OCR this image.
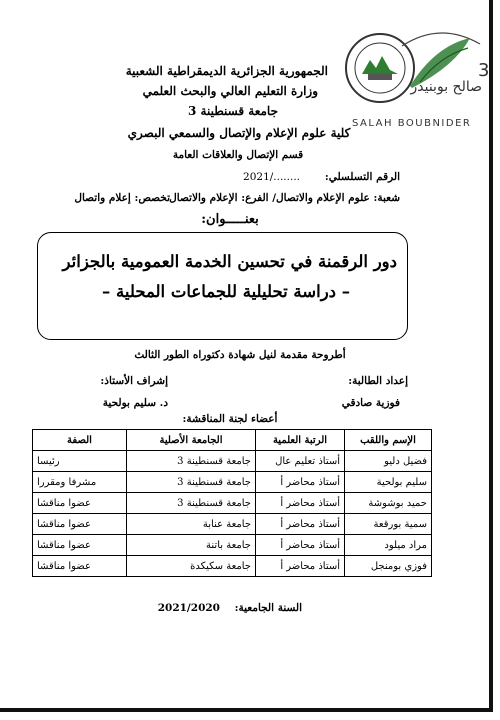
3
صالح بوبنيدر
SALAH BOUBNIDER
الجمهورية الجزائرية الديمقراطية الشعبية
وزارة التعليم العالي والبحث العلمي
جامعة قسنطينة 3
كلية علوم الإعلام والإتصال والسمعي البصري
قسم الإتصال والعلاقات العامة
الرقم التسلسلي:
2021/........
شعبة: علوم الإعلام والاتصال/ الفرع: الإعلام والاتصال
تخصص: إعلام واتصال
بعنـــــوان:
دور الرقمنة في تحسين الخدمة العمومية بالجزائر
– دراسة تحليلية للجماعات المحلية –
أطروحة مقدمة لنيل شهادة دكتوراه الطور الثالث
إعداد الطالبة:
فوزية صادقي
إشراف الأستاذ:
د. سليم بولحية
أعضاء لجنة المناقشة:
الإسم واللقب	الرتبة العلمية	الجامعة الأصلية	الصفة
فضيل دليو	أستاذ تعليم عال	جامعة قسنطينة 3	رئيسا
سليم بولحية	أستاذ محاضر أ	جامعة قسنطينة 3	مشرفا ومقررا
حميد بوشوشة	أستاذ محاضر أ	جامعة قسنطينة 3	عضوا مناقشا
سمية بورقعة	أستاذ محاضر أ	جامعة عنابة	عضوا مناقشا
مراد ميلود	أستاذ محاضر أ	جامعة باتنة	عضوا مناقشا
فوزي بومنجل	أستاذ محاضر أ	جامعة سكيكدة	عضوا مناقشا
السنة الجامعية:
2021/2020
